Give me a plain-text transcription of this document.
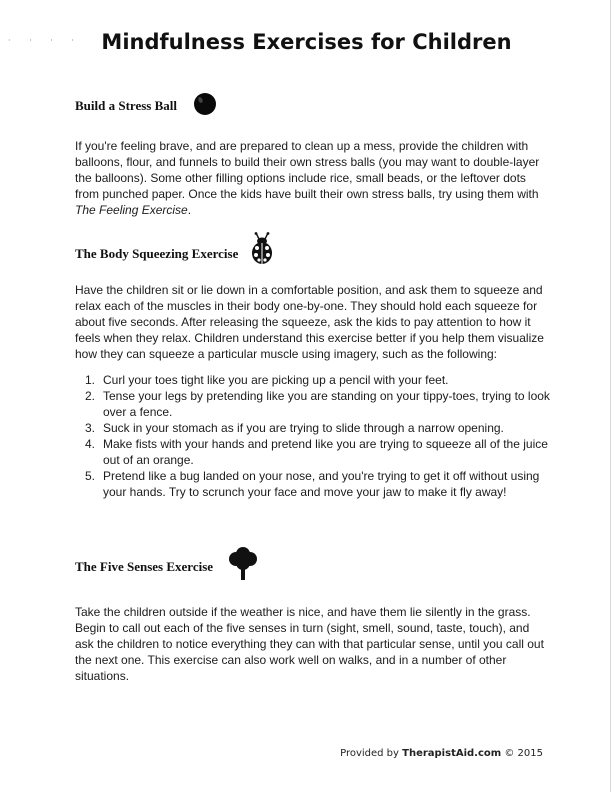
· · · · Mindfulness Exercises for Children
Build a Stress Ball

If you're feeling brave, and are prepared to clean up a mess, provide the children with balloons, flour, and funnels to build their own stress balls (you may want to double-layer the balloons). Some other filling options include rice, small beads, or the leftover dots from punched paper. Once the kids have built their own stress balls, try using them with The Feeling Exercise.

The Body Squeezing Exercise

Have the children sit or lie down in a comfortable position, and ask them to squeeze and relax each of the muscles in their body one-by-one. They should hold each squeeze for about five seconds. After releasing the squeeze, ask the kids to pay attention to how it feels when they relax. Children understand this exercise better if you help them visualize how they can squeeze a particular muscle using imagery, such as the following:

1. Curl your toes tight like you are picking up a pencil with your feet.
2. Tense your legs by pretending like you are standing on your tippy-toes, trying to look over a fence.
3. Suck in your stomach as if you are trying to slide through a narrow opening.
4. Make fists with your hands and pretend like you are trying to squeeze all of the juice out of an orange.
5. Pretend like a bug landed on your nose, and you're trying to get it off without using your hands. Try to scrunch your face and move your jaw to make it fly away!
The Five Senses Exercise

Take the children outside if the weather is nice, and have them lie silently in the grass. Begin to call out each of the five senses in turn (sight, smell, sound, taste, touch), and ask the children to notice everything they can with that particular sense, until you call out the next one. This exercise can also work well on walks, and in a number of other situations.

Provided by TherapistAid.com © 2015
